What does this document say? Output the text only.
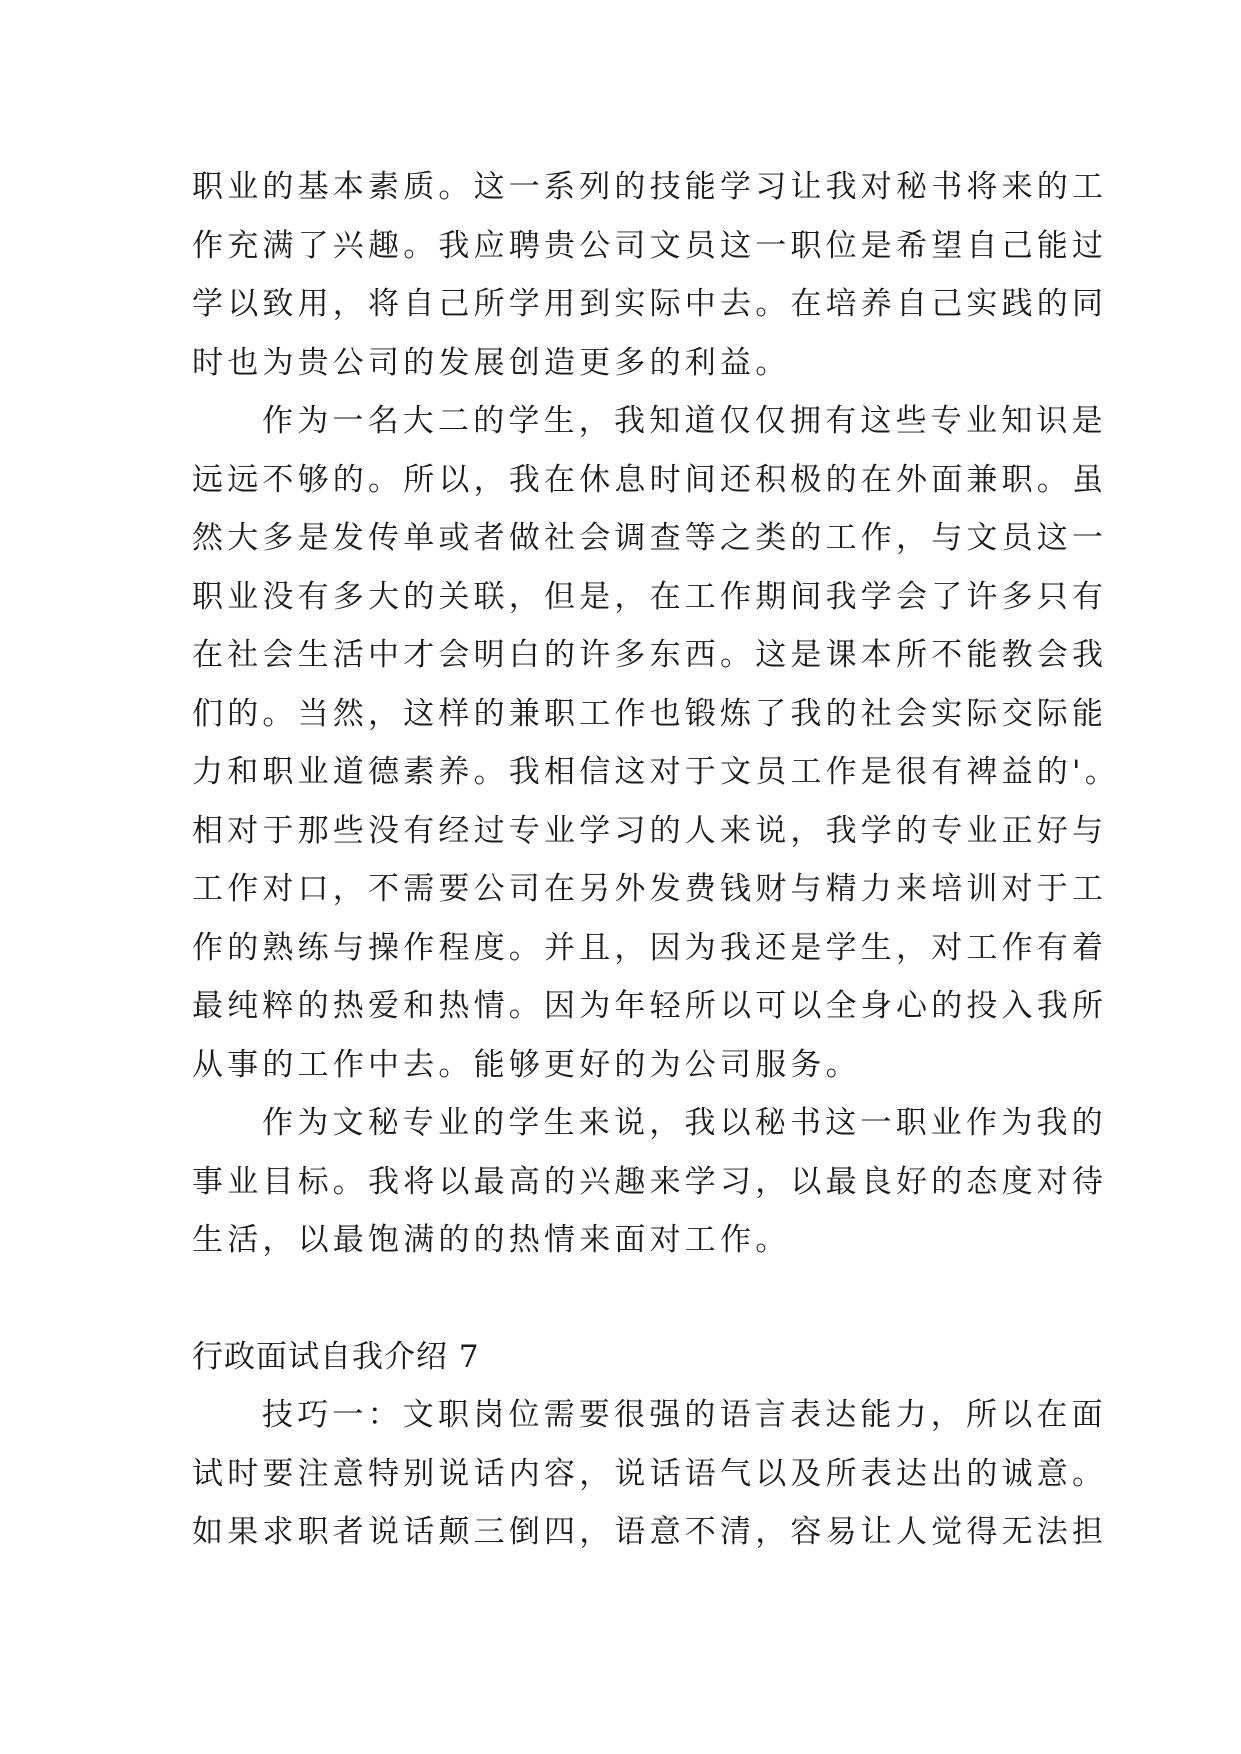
职业的基本素质。这一系列的技能学习让我对秘书将来的工
作充满了兴趣。我应聘贵公司文员这一职位是希望自己能过
学以致用，将自己所学用到实际中去。在培养自己实践的同
时也为贵公司的发展创造更多的利益。
作为一名大二的学生，我知道仅仅拥有这些专业知识是
远远不够的。所以，我在休息时间还积极的在外面兼职。虽
然大多是发传单或者做社会调查等之类的工作，与文员这一
职业没有多大的关联，但是，在工作期间我学会了许多只有
在社会生活中才会明白的许多东西。这是课本所不能教会我
们的。当然，这样的兼职工作也锻炼了我的社会实际交际能
力和职业道德素养。我相信这对于文员工作是很有裨益的'。
相对于那些没有经过专业学习的人来说，我学的专业正好与
工作对口，不需要公司在另外发费钱财与精力来培训对于工
作的熟练与操作程度。并且，因为我还是学生，对工作有着
最纯粹的热爱和热情。因为年轻所以可以全身心的投入我所
从事的工作中去。能够更好的为公司服务。
作为文秘专业的学生来说，我以秘书这一职业作为我的
事业目标。我将以最高的兴趣来学习，以最良好的态度对待
生活，以最饱满的的热情来面对工作。
行政面试自我介绍 7
技巧一：文职岗位需要很强的语言表达能力，所以在面
试时要注意特别说话内容，说话语气以及所表达出的诚意。
如果求职者说话颠三倒四，语意不清，容易让人觉得无法担
